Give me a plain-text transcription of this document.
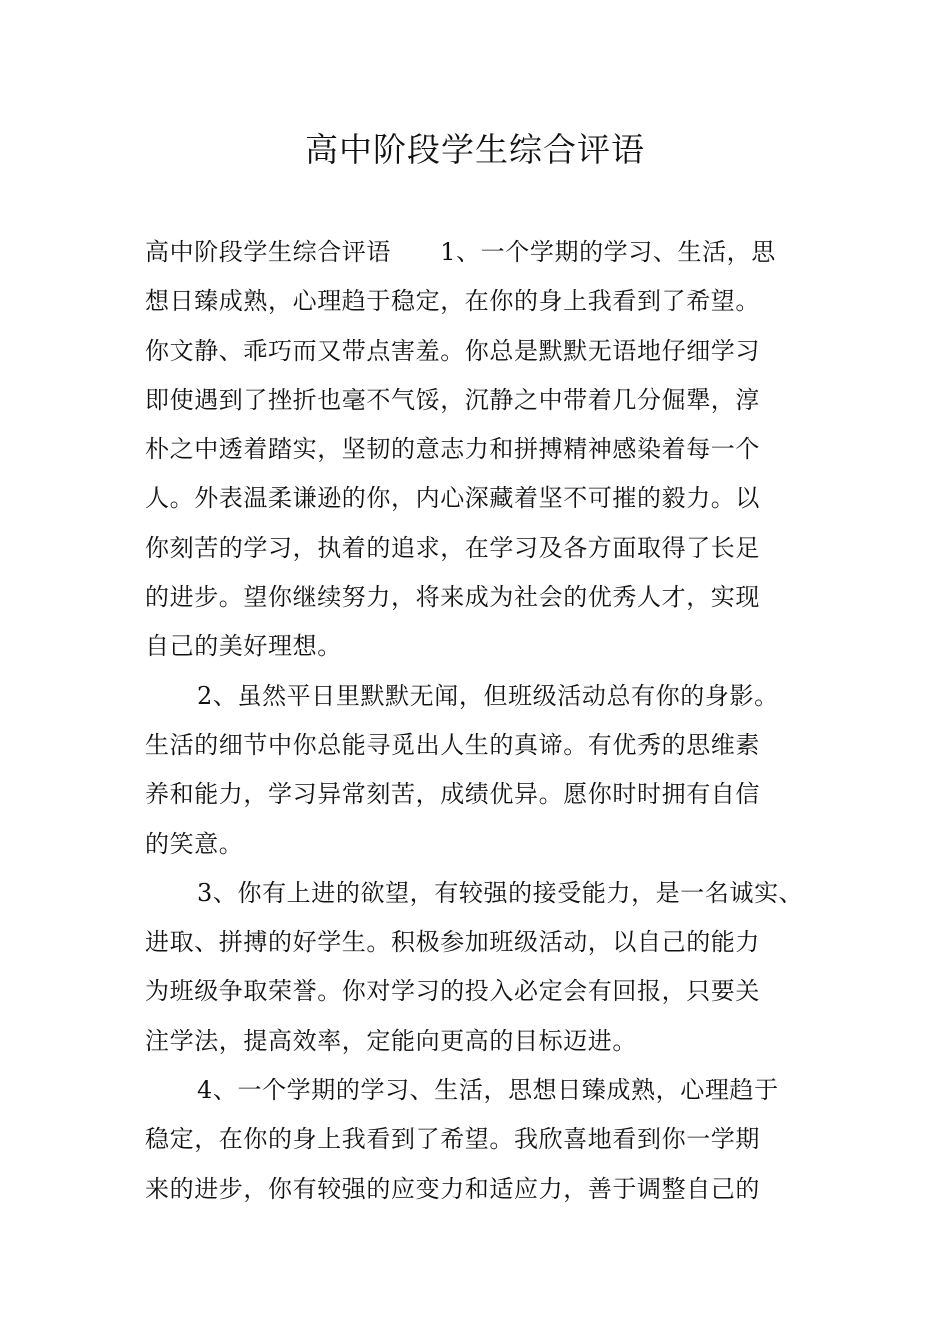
高中阶段学生综合评语
高中阶段学生综合评语　　1、一个学期的学习、生活，思
想日臻成熟，心理趋于稳定，在你的身上我看到了希望。
你文静、乖巧而又带点害羞。你总是默默无语地仔细学习
即使遇到了挫折也毫不气馁，沉静之中带着几分倔犟，淳
朴之中透着踏实，坚韧的意志力和拼搏精神感染着每一个
人。外表温柔谦逊的你，内心深藏着坚不可摧的毅力。以
你刻苦的学习，执着的追求，在学习及各方面取得了长足
的进步。望你继续努力，将来成为社会的优秀人才，实现
自己的美好理想。
2、虽然平日里默默无闻，但班级活动总有你的身影。
生活的细节中你总能寻觅出人生的真谛。有优秀的思维素
养和能力，学习异常刻苦，成绩优异。愿你时时拥有自信
的笑意。
3、你有上进的欲望，有较强的接受能力，是一名诚实、
进取、拼搏的好学生。积极参加班级活动，以自己的能力
为班级争取荣誉。你对学习的投入必定会有回报，只要关
注学法，提高效率，定能向更高的目标迈进。
4、一个学期的学习、生活，思想日臻成熟，心理趋于
稳定，在你的身上我看到了希望。我欣喜地看到你一学期
来的进步，你有较强的应变力和适应力，善于调整自己的
